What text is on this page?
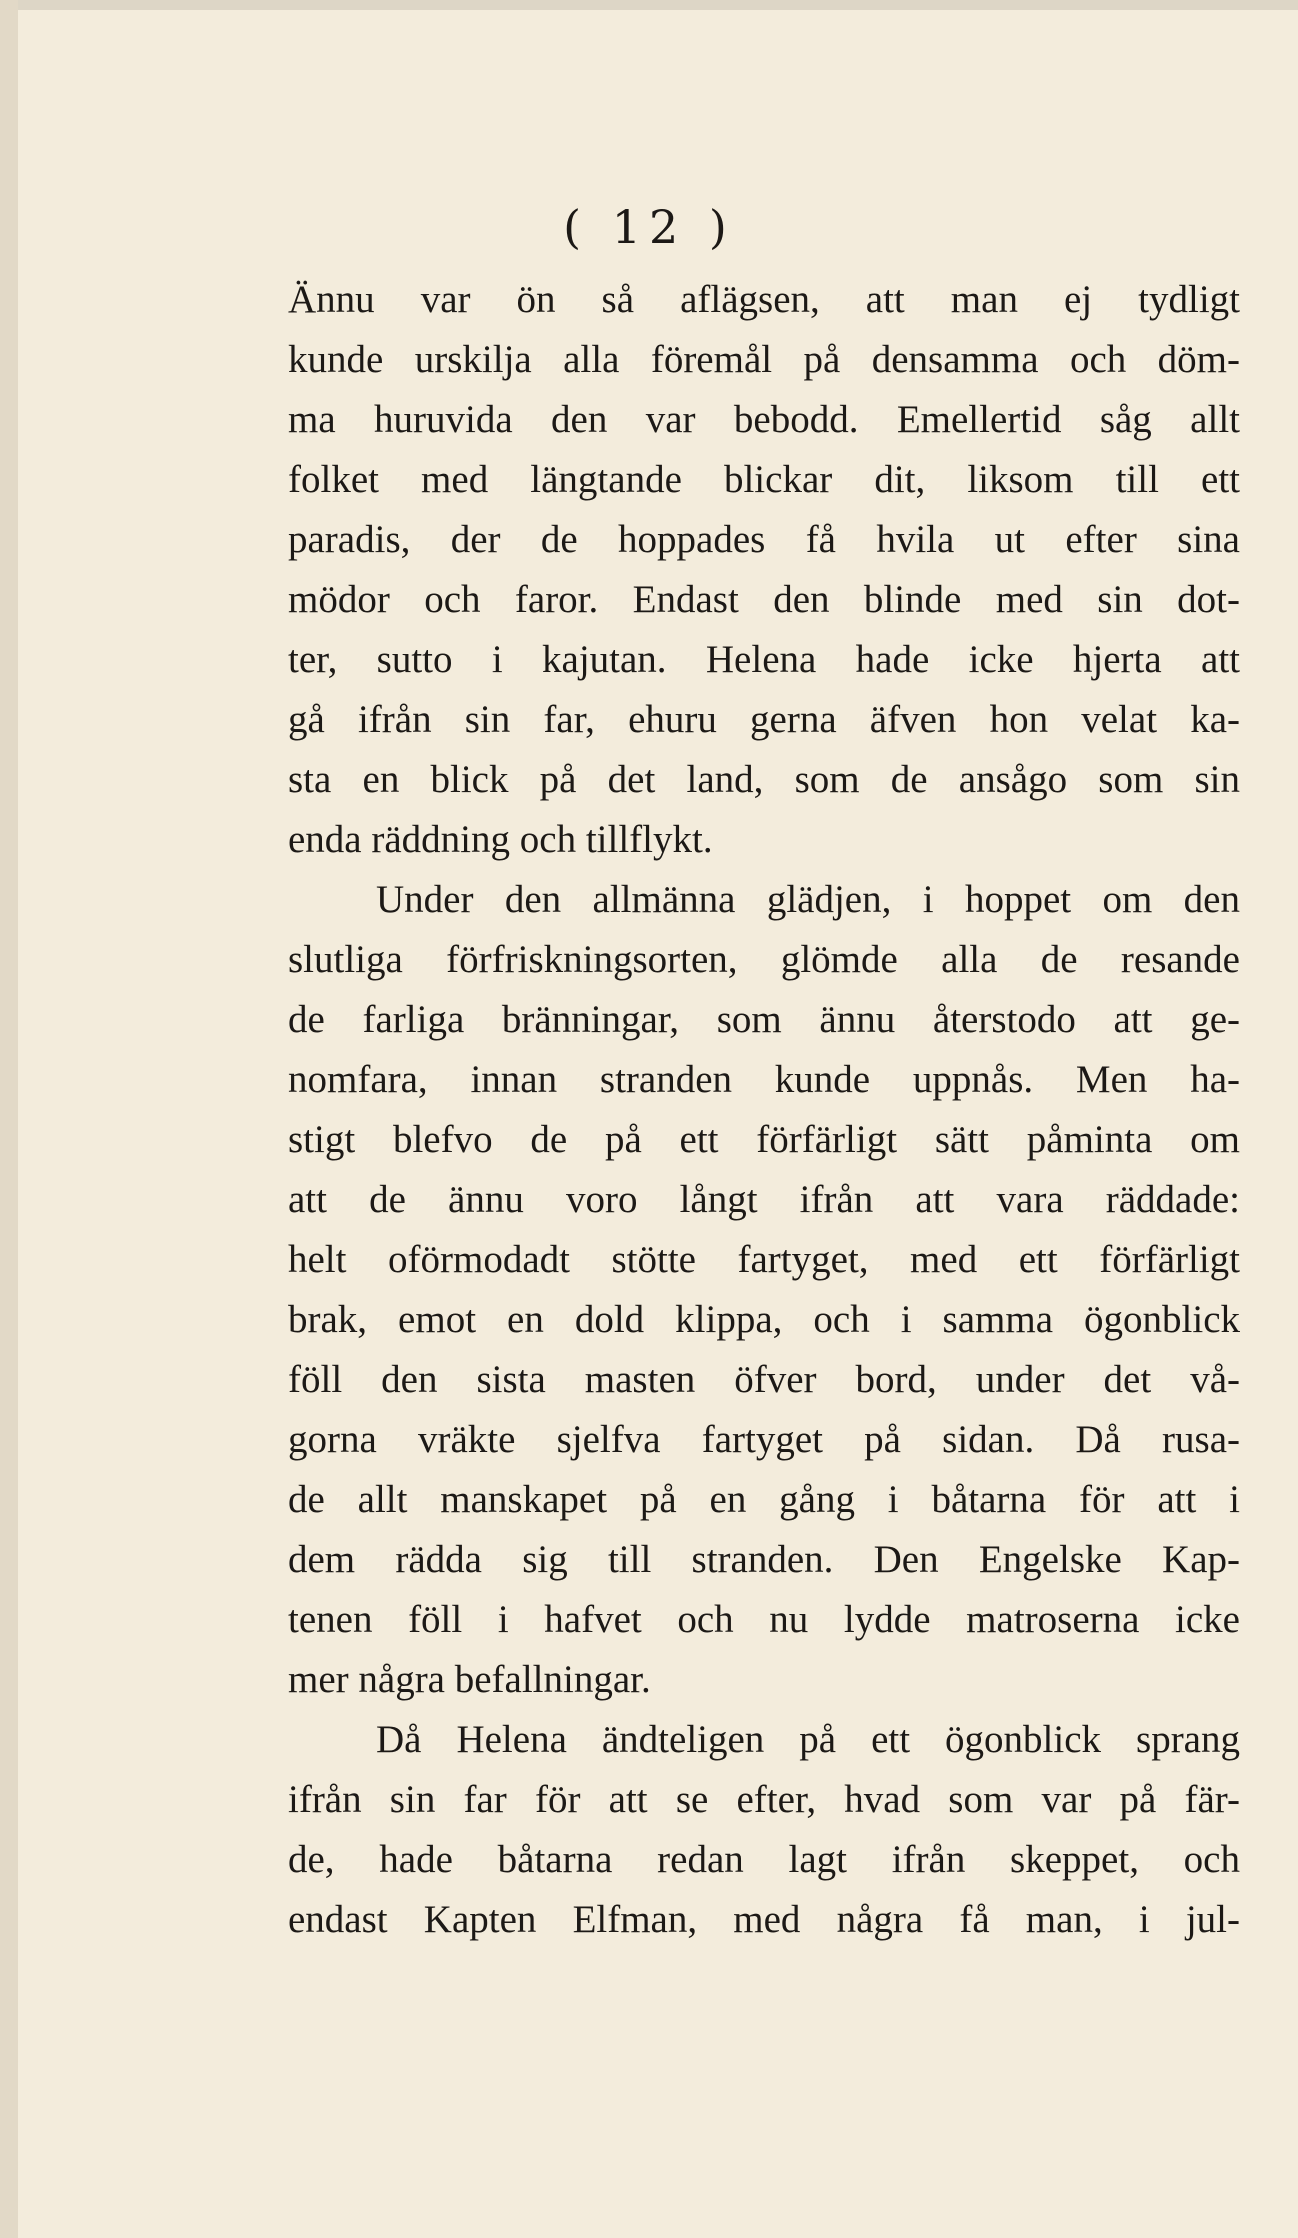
( 12 )
Ännu var ön så aflägsen, att man ej tydligt
kunde urskilja alla föremål på densamma och döm-
ma huruvida den var bebodd. Emellertid såg allt
folket med längtande blickar dit, liksom till ett
paradis, der de hoppades få hvila ut efter sina
mödor och faror. Endast den blinde med sin dot-
ter, sutto i kajutan. Helena hade icke hjerta att
gå ifrån sin far, ehuru gerna äfven hon velat ka-
sta en blick på det land, som de ansågo som sin
enda räddning och tillflykt.
Under den allmänna glädjen, i hoppet om den
slutliga förfriskningsorten, glömde alla de resande
de farliga bränningar, som ännu återstodo att ge-
nomfara, innan stranden kunde uppnås. Men ha-
stigt blefvo de på ett förfärligt sätt påminta om
att de ännu voro långt ifrån att vara räddade:
helt oförmodadt stötte fartyget, med ett förfärligt
brak, emot en dold klippa, och i samma ögonblick
föll den sista masten öfver bord, under det vå-
gorna vräkte sjelfva fartyget på sidan. Då rusa-
de allt manskapet på en gång i båtarna för att i
dem rädda sig till stranden. Den Engelske Kap-
tenen föll i hafvet och nu lydde matroserna icke
mer några befallningar.
Då Helena ändteligen på ett ögonblick sprang
ifrån sin far för att se efter, hvad som var på fär-
de, hade båtarna redan lagt ifrån skeppet, och
endast Kapten Elfman, med några få man, i jul-
